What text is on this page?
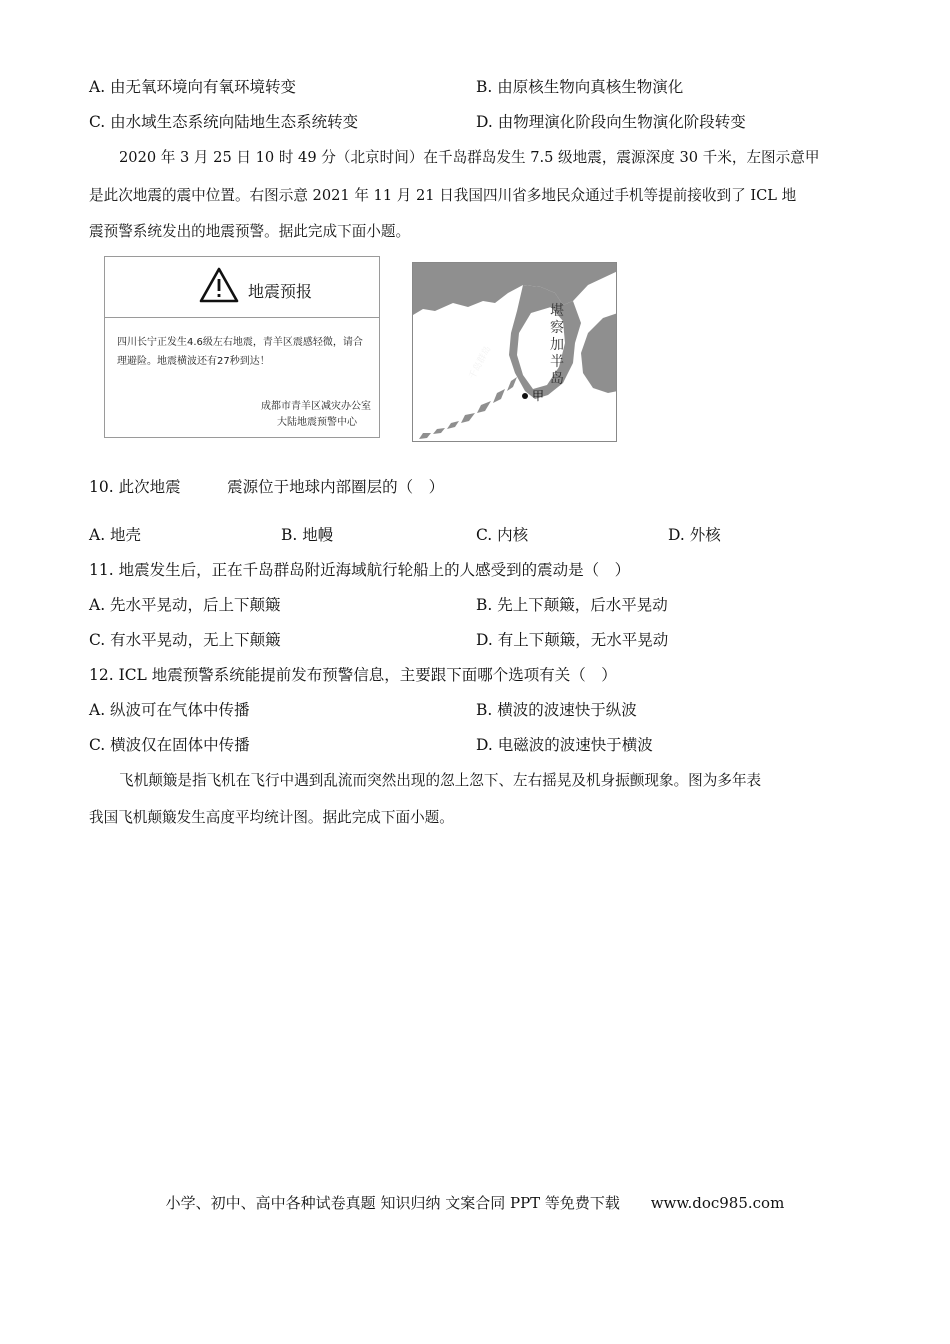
A. 由无氧环境向有氧环境转变	B. 由原核生物向真核生物演化
C. 由水域生态系统向陆地生态系统转变	D. 由物理演化阶段向生物演化阶段转变
2020 年 3 月 25 日 10 时 49 分（北京时间）在千岛群岛发生 7.5 级地震，震源深度 30 千米，左图示意甲
是此次地震的震中位置。右图示意 2021 年 11 月 21 日我国四川省多地民众通过手机等提前接收到了 ICL 地
震预警系统发出的地震预警。据此完成下面小题。
地震预报
四川长宁正发生4.6级左右地震，青羊区震感轻微，请合
理避险。地震横波还有27秒到达！
成都市青羊区减灾办公室
大陆地震预警中心
堪察加半岛
千岛群岛
甲
10. 此次地震　　　震源位于地球内部圈层的（　）
A. 地壳	B. 地幔	C. 内核	D. 外核
11. 地震发生后，正在千岛群岛附近海域航行轮船上的人感受到的震动是（　）
A. 先水平晃动，后上下颠簸	B. 先上下颠簸，后水平晃动
C. 有水平晃动，无上下颠簸	D. 有上下颠簸，无水平晃动
12. ICL 地震预警系统能提前发布预警信息，主要跟下面哪个选项有关（　）
A. 纵波可在气体中传播	B. 横波的波速快于纵波
C. 横波仅在固体中传播	D. 电磁波的波速快于横波
飞机颠簸是指飞机在飞行中遇到乱流而突然出现的忽上忽下、左右摇晃及机身振颤现象。图为多年表
我国飞机颠簸发生高度平均统计图。据此完成下面小题。
小学、初中、高中各种试卷真题 知识归纳 文案合同 PPT 等免费下载 www.doc985.com
